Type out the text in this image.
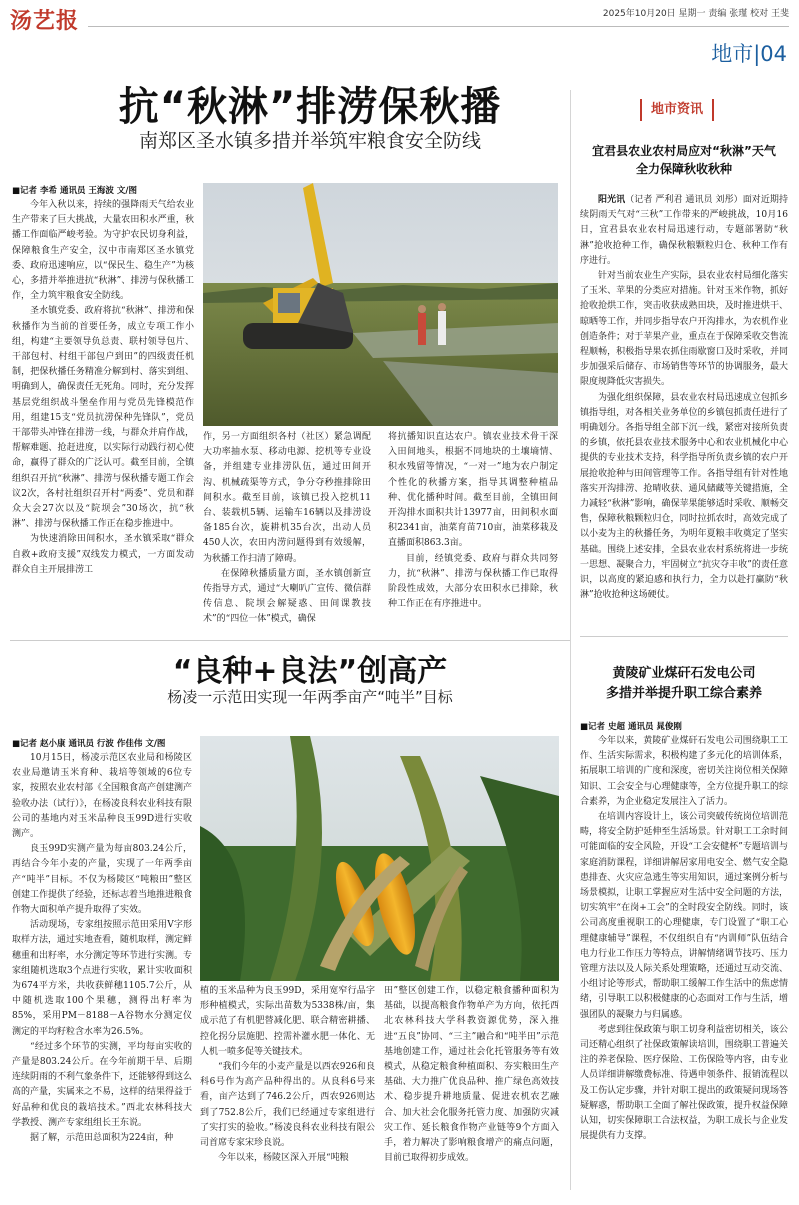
汤艺报	2025年10月20日 星期一 责编 张瑾 校对 王斐
地市|04
抗“秋淋”排涝保秋播
南郑区圣水镇多措并举筑牢粮食安全防线
地市资讯
宜君县农业农村局应对“秋淋”天气
全力保障秋收秋种
■记者 李希 通讯员 王海波 文/图

今年入秋以来，持续的强降雨天气给农业生产带来了巨大挑战，大量农田积水严重，秋播工作面临严峻考验。为守护农民切身利益，保障粮食生产安全，汉中市南郑区圣水镇党委、政府迅速响应，以“保民生、稳生产”为核心，多措并举推进抗“秋淋”、排涝与保秋播工作，全力筑牢粮食安全防线。

圣水镇党委、政府将抗“秋淋”、排涝和保秋播作为当前的首要任务，成立专项工作小组，构建“主要领导负总责、联村领导包片、干部包村、村组干部包户到田”的四级责任机制，把保秋播任务精准分解到村、落实到组、明确到人，确保责任无死角。同时，充分发挥基层党组织战斗堡垒作用与党员先锋模范作用，组建15支“党员抗涝保种先锋队”，党员干部带头冲锋在排涝一线，与群众并肩作战，帮解难题、抢赶进度，以实际行动践行初心使命，赢得了群众的广泛认可。截至目前，全镇组织召开抗“秋淋”、排涝与保秋播专题工作会议2次，各村社组织召开村“两委”、党员和群众大会27次以及“院坝会”30场次，抗“秋淋”、排涝与保秋播工作正在稳步推进中。

为快速消除田间积水，圣水镇采取“群众自救+政府支援”双线发力模式，一方面发动群众自主开展排涝工

作，另一方面组织各村（社区）紧急调配大功率抽水泵、移动电源、挖机等专业设备，并组建专业排涝队伍，通过田间开沟、机械疏渠等方式，争分夺秒推排除田间积水。截至目前，该镇已投入挖机11台、装载机5辆、运输车16辆以及排涝设备185台次，旋耕机35台次，出动人员450人次，农田内涝问题得到有效缓解，为秋播工作扫清了障碍。

在保障秋播质量方面，圣水镇创新宣传指导方式，通过“大喇叭广宣传、微信群传信息、院坝会解疑惑、田间课教技术”的“四位一体”模式，确保

将抗播知识直达农户。镇农业技术骨干深入田间地头，根据不同地块的土壤墒情、积水残留等情况，“一对一”地为农户制定个性化的秋播方案，指导其调整种植品种、优化播种时间。截至目前，全镇田间开沟排水面积共计13977亩，田间积水面积2341亩，油菜育苗710亩，油菜移栽及直播面积863.3亩。

目前，经镇党委、政府与群众共同努力，抗“秋淋”、排涝与保秋播工作已取得阶段性成效，大部分农田积水已排除，秋种工作正在有序推进中。

阳光讯（记者 严利君 通讯员 刘彤）面对近期持续阴雨天气对“三秋”工作带来的严峻挑战，10月16日，宜君县农业农村局迅速行动，专题部署防“秋淋”抢收抢种工作，确保秋粮颗粒归仓、秋种工作有序进行。

针对当前农业生产实际，县农业农村局细化落实了玉米、苹果的分类应对措施。针对玉米作物，抓好抢收抢烘工作，突击收获成熟田块，及时推进烘干、晾晒等工作，并同步指导农户开沟排水，为农机作业创造条件；对于苹果产业，重点在于保障采收交售流程顺畅，积极指导果农抓住雨歇窗口及时采收，并同步加强采后储存、市场销售等环节的协调服务，最大限度规降低灾害损失。

为强化组织保障，县农业农村局迅速成立包抓乡镇指导组，对各相关业务单位的乡镇包抓责任进行了明确划分。各指导组全部下沉一线，紧密对接所负责的乡镇，依托县农业技术服务中心和农业机械化中心提供的专业技术支持，科学指导所负责乡镇的农户开展抢收抢种与田间管理等工作。各指导组有针对性地落实开沟排涝、抢晴收获、通风储藏等关键措施，全力减轻“秋淋”影响，确保苹果能够适时采收、顺畅交售，保障秋粮颗粒归仓，同时拉抓农时，高效完成了以小麦为主的秋播任务，为明年夏粮丰收奠定了坚实基础。围绕上述安排，全县农业农村系统将进一步统一思想、凝聚合力，牢固树立“抗灾夺丰收”的责任意识，以高度的紧迫感和执行力，全力以赴打赢防“秋淋”抢收抢种这场硬仗。

“良种+良法”创高产
杨凌一示范田实现一年两季亩产“吨半”目标
黄陵矿业煤矸石发电公司
多措并举提升职工综合素养
■记者 赵小康 通讯员 行波 作佳伟 文/图

10月15日，杨凌示范区农业局和杨陵区农业局邀请玉米育种、栽培等领域的6位专家，按照农业农村部《全国粮食高产创建测产验收办法（试行）》，在杨凌良科农业科技有限公司的基地内对玉米品种良玉99D进行实收测产。

良玉99D实测产量为每亩803.24公斤，再结合今年小麦的产量，实现了一年两季亩产“吨半”目标。不仅为杨陵区“吨粮田”整区创建工作提供了经验，还标志着当地推进粮食作物大面积单产提升取得了实效。

活动现场，专家组按照示范田采用V字形取样方法，通过实地查看，随机取样，测定鲜穗重和出籽率，水分测定等环节进行实测。专家组随机选取3个点进行实收，累计实收面积为674平方米，共收获鲜穗1105.7公斤，从中随机选取100个果穗，测得出籽率为85%，采用PM－8188－A谷物水分测定仪测定的平均籽粒含水率为26.5%。

“经过多个环节的实测，平均每亩实收的产量是803.24公斤。在今年前期干旱、后期连续阴雨的不利气象条件下，还能够得到这么高的产量，实属来之不易，这样的结果得益于好品种和优良的栽培技术。”西北农林科技大学教授、测产专家组组长王东说。

据了解，示范田总面积为224亩，种

植的玉米品种为良玉99D，采用宽窄行品字形种植模式，实际出苗数为5338株/亩，集成示范了有机肥替减化肥、联合精密耕播、控化拐分层施肥、控需补灌水肥一体化、无人机一喷多促等关键技术。

“我们今年的小麦产量是以西农926和良科6号作为高产品种得出的。从良科6号来看，亩产达到了746.2公斤，西农926则达到了752.8公斤，我们已经通过专家组进行了实打实的验收。”杨凌良科农业科技有限公司首席专家宋珍良说。

今年以来，杨陵区深入开展“吨粮

田”整区创建工作，以稳定粮食播种面积为基础，以提高粮食作物单产为方向，依托西北农林科技大学科教资源优势，深入推进“五良”协同、“三主”融合和“吨半田”示范基地创建工作，通过社会化托管服务等有效模式，从稳定粮食种植面积、夯实粮田生产基础、大力推广优良品种、推广绿色高效技术、稳步提升耕地质量、促进农机农艺融合、加大社会化服务托管力度、加强防灾减灾工作、延长粮食作物产业链等9个方面入手，着力解决了影响粮食增产的痛点问题，目前已取得初步成效。

■记者 史超 通讯员 晁俊刚

今年以来，黄陵矿业煤矸石发电公司围绕职工工作、生活实际需求，积极构建了多元化的培训体系，拓展职工培训的广度和深度，密切关注岗位相关保障知识、工会安全与心理健康等，全方位提升职工的综合素养，为企业稳定发展注入了活力。

在培训内容设计上，该公司突破传统岗位培训范畴，将安全防护延伸至生活场景。针对职工工余时间可能面临的安全风险，开设“工会安健杯”专题培训与家庭消防课程，详细讲解居家用电安全、燃气安全隐患排查、火灾应急逃生等实用知识，通过案例分析与场景模拟，让职工掌握应对生活中安全问题的方法，切实筑牢“在岗+工会”的全时段安全防线。同时，该公司高度重视职工的心理健康，专门设置了“职工心理健康辅导”课程，不仅组织自有“内训师”队伍结合电力行业工作压力等特点，讲解情绪调节技巧、压力管理方法以及人际关系处理策略，还通过互动交流、小组讨论等形式，帮助职工缓解工作生活中的焦虑情绪，引导职工以积极健康的心态面对工作与生活，增强团队的凝聚力与归属感。

考虑到往保政策与职工切身利益密切相关，该公司还精心组织了社保政策解读培训，围绕职工普遍关注的养老保险、医疗保险、工伤保险等内容，由专业人员详细讲解缴费标准、待遇申领条件、报销流程以及工伤认定步骤，并针对职工提出的政策疑问现场答疑解惑，帮助职工全面了解社保政策，提升权益保障认知，切实保障职工合法权益，为职工成长与企业发展提供有力支撑。
